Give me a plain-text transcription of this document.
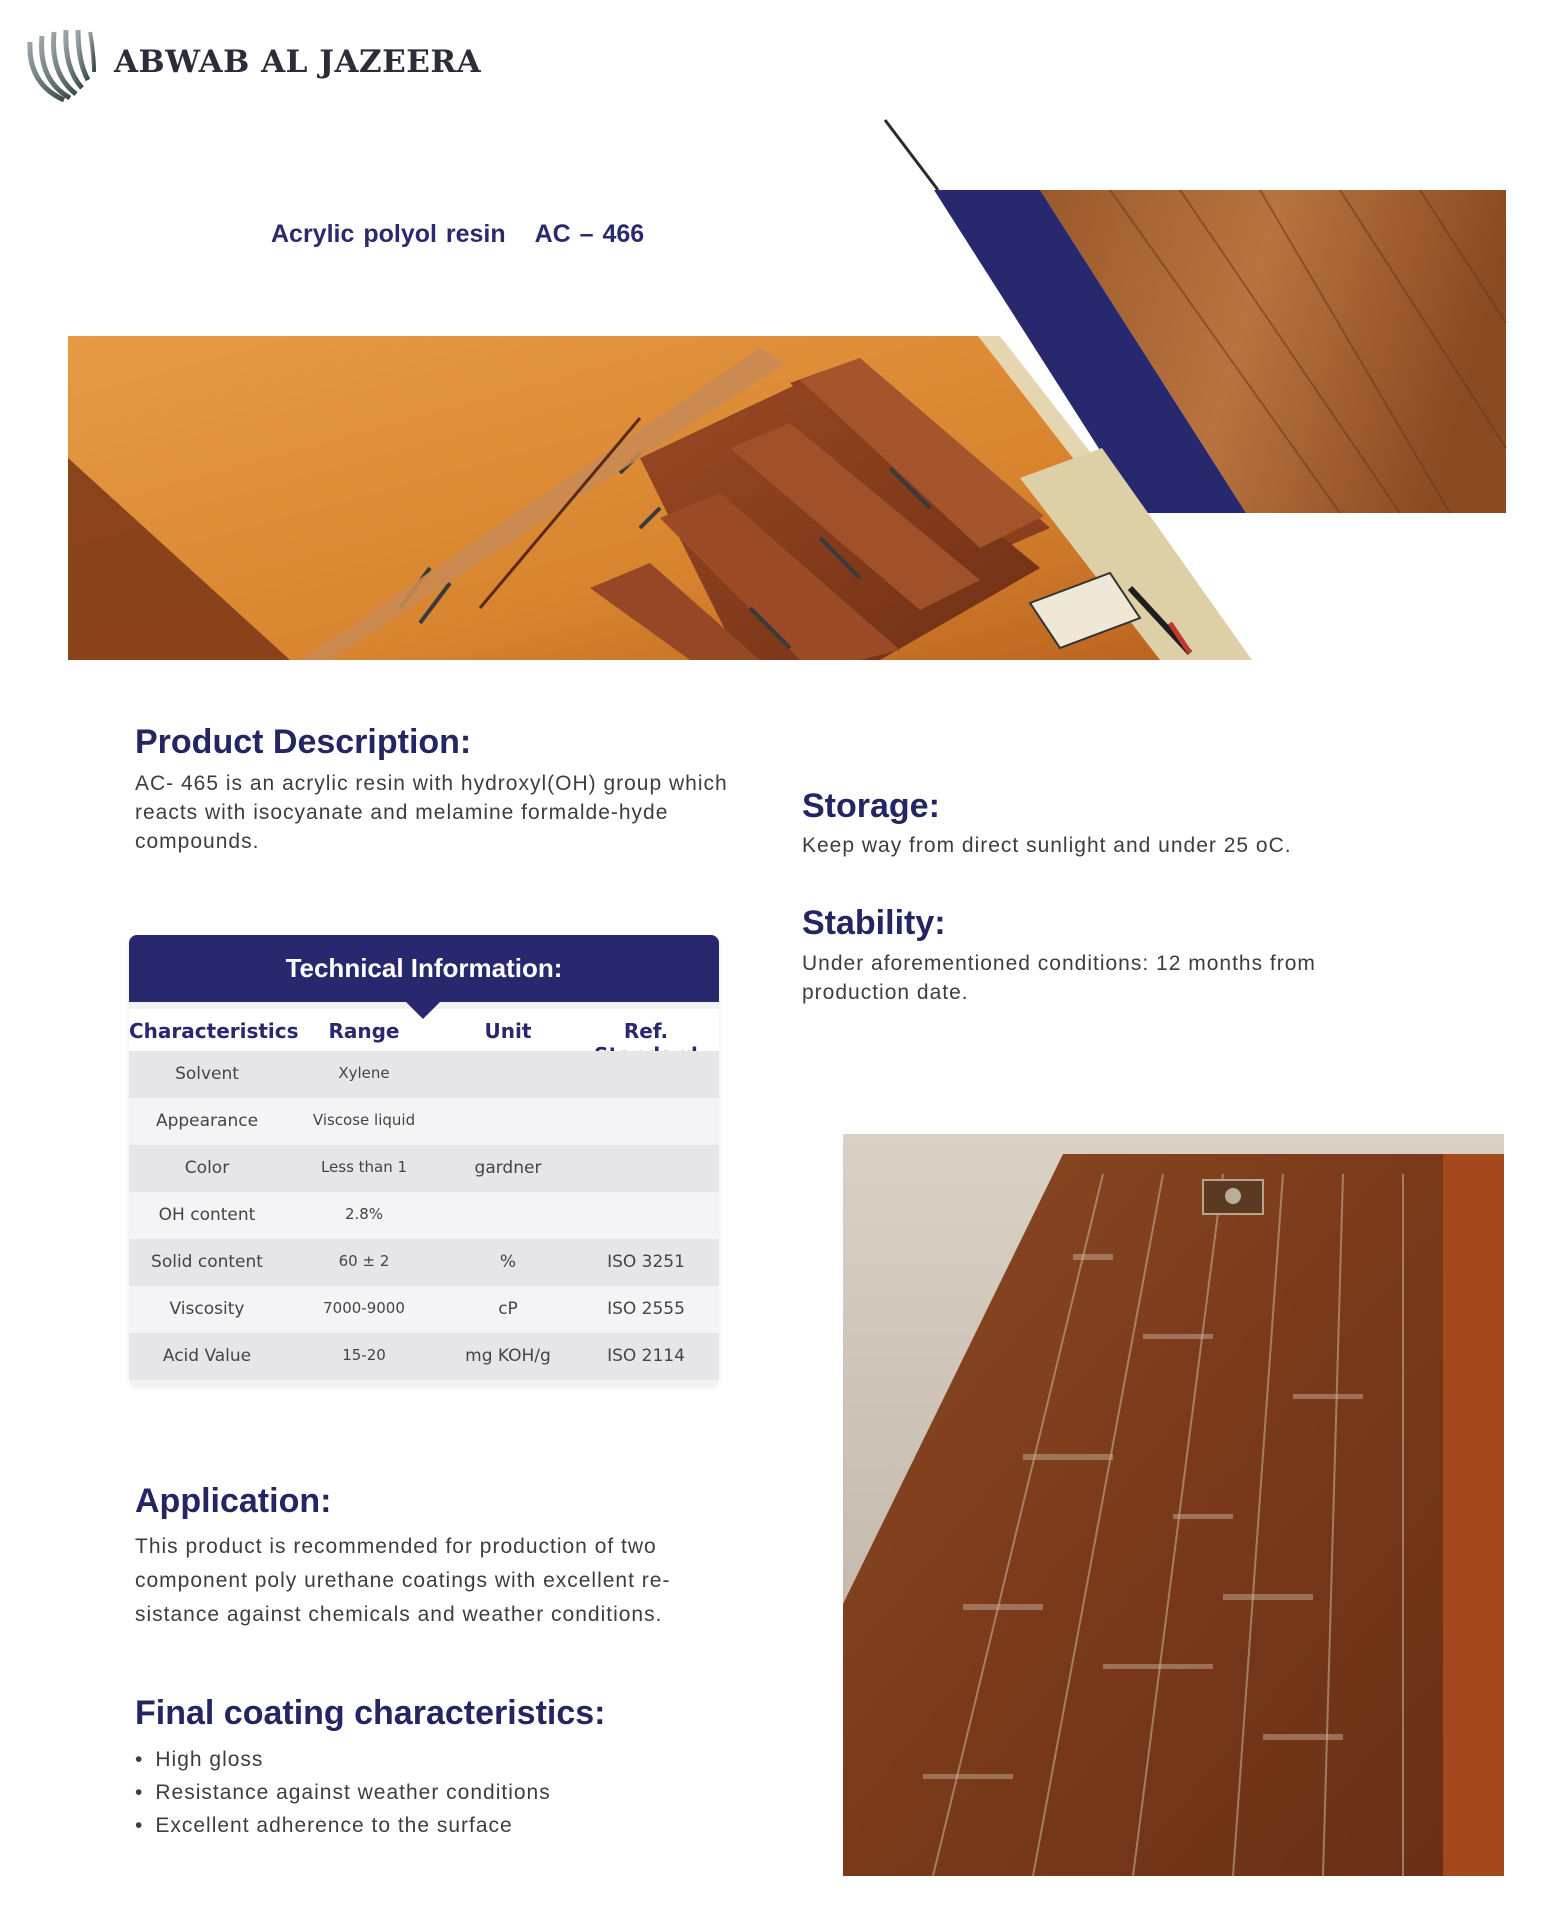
ABWAB AL JAZEERA
Acrylic polyol resin AC – 466
Product Description:
AC- 465 is an acrylic resin with hydroxyl(OH) group which reacts with isocyanate and melamine formalde-hyde compounds.
Storage:
Keep way from direct sunlight and under 25 oC.
Stability:
Under aforementioned conditions: 12 months from production date.
Technical Information:
Characteristics	Range	Unit	Ref.
Solvent	Xylene
Appearance	Viscose liquid
Color	Less than 1	gardner
OH content	2.8%
Solid content	60 ± 2	%	ISO 3251
Viscosity	7000-9000	cP	ISO 2555
Acid Value	15-20	mg KOH/g	ISO 2114
Application:
This product is recommended for production of two component poly urethane coatings with excellent re-sistance against chemicals and weather conditions.
Final coating characteristics:
• High gloss
• Resistance against weather conditions
• Excellent adherence to the surface
